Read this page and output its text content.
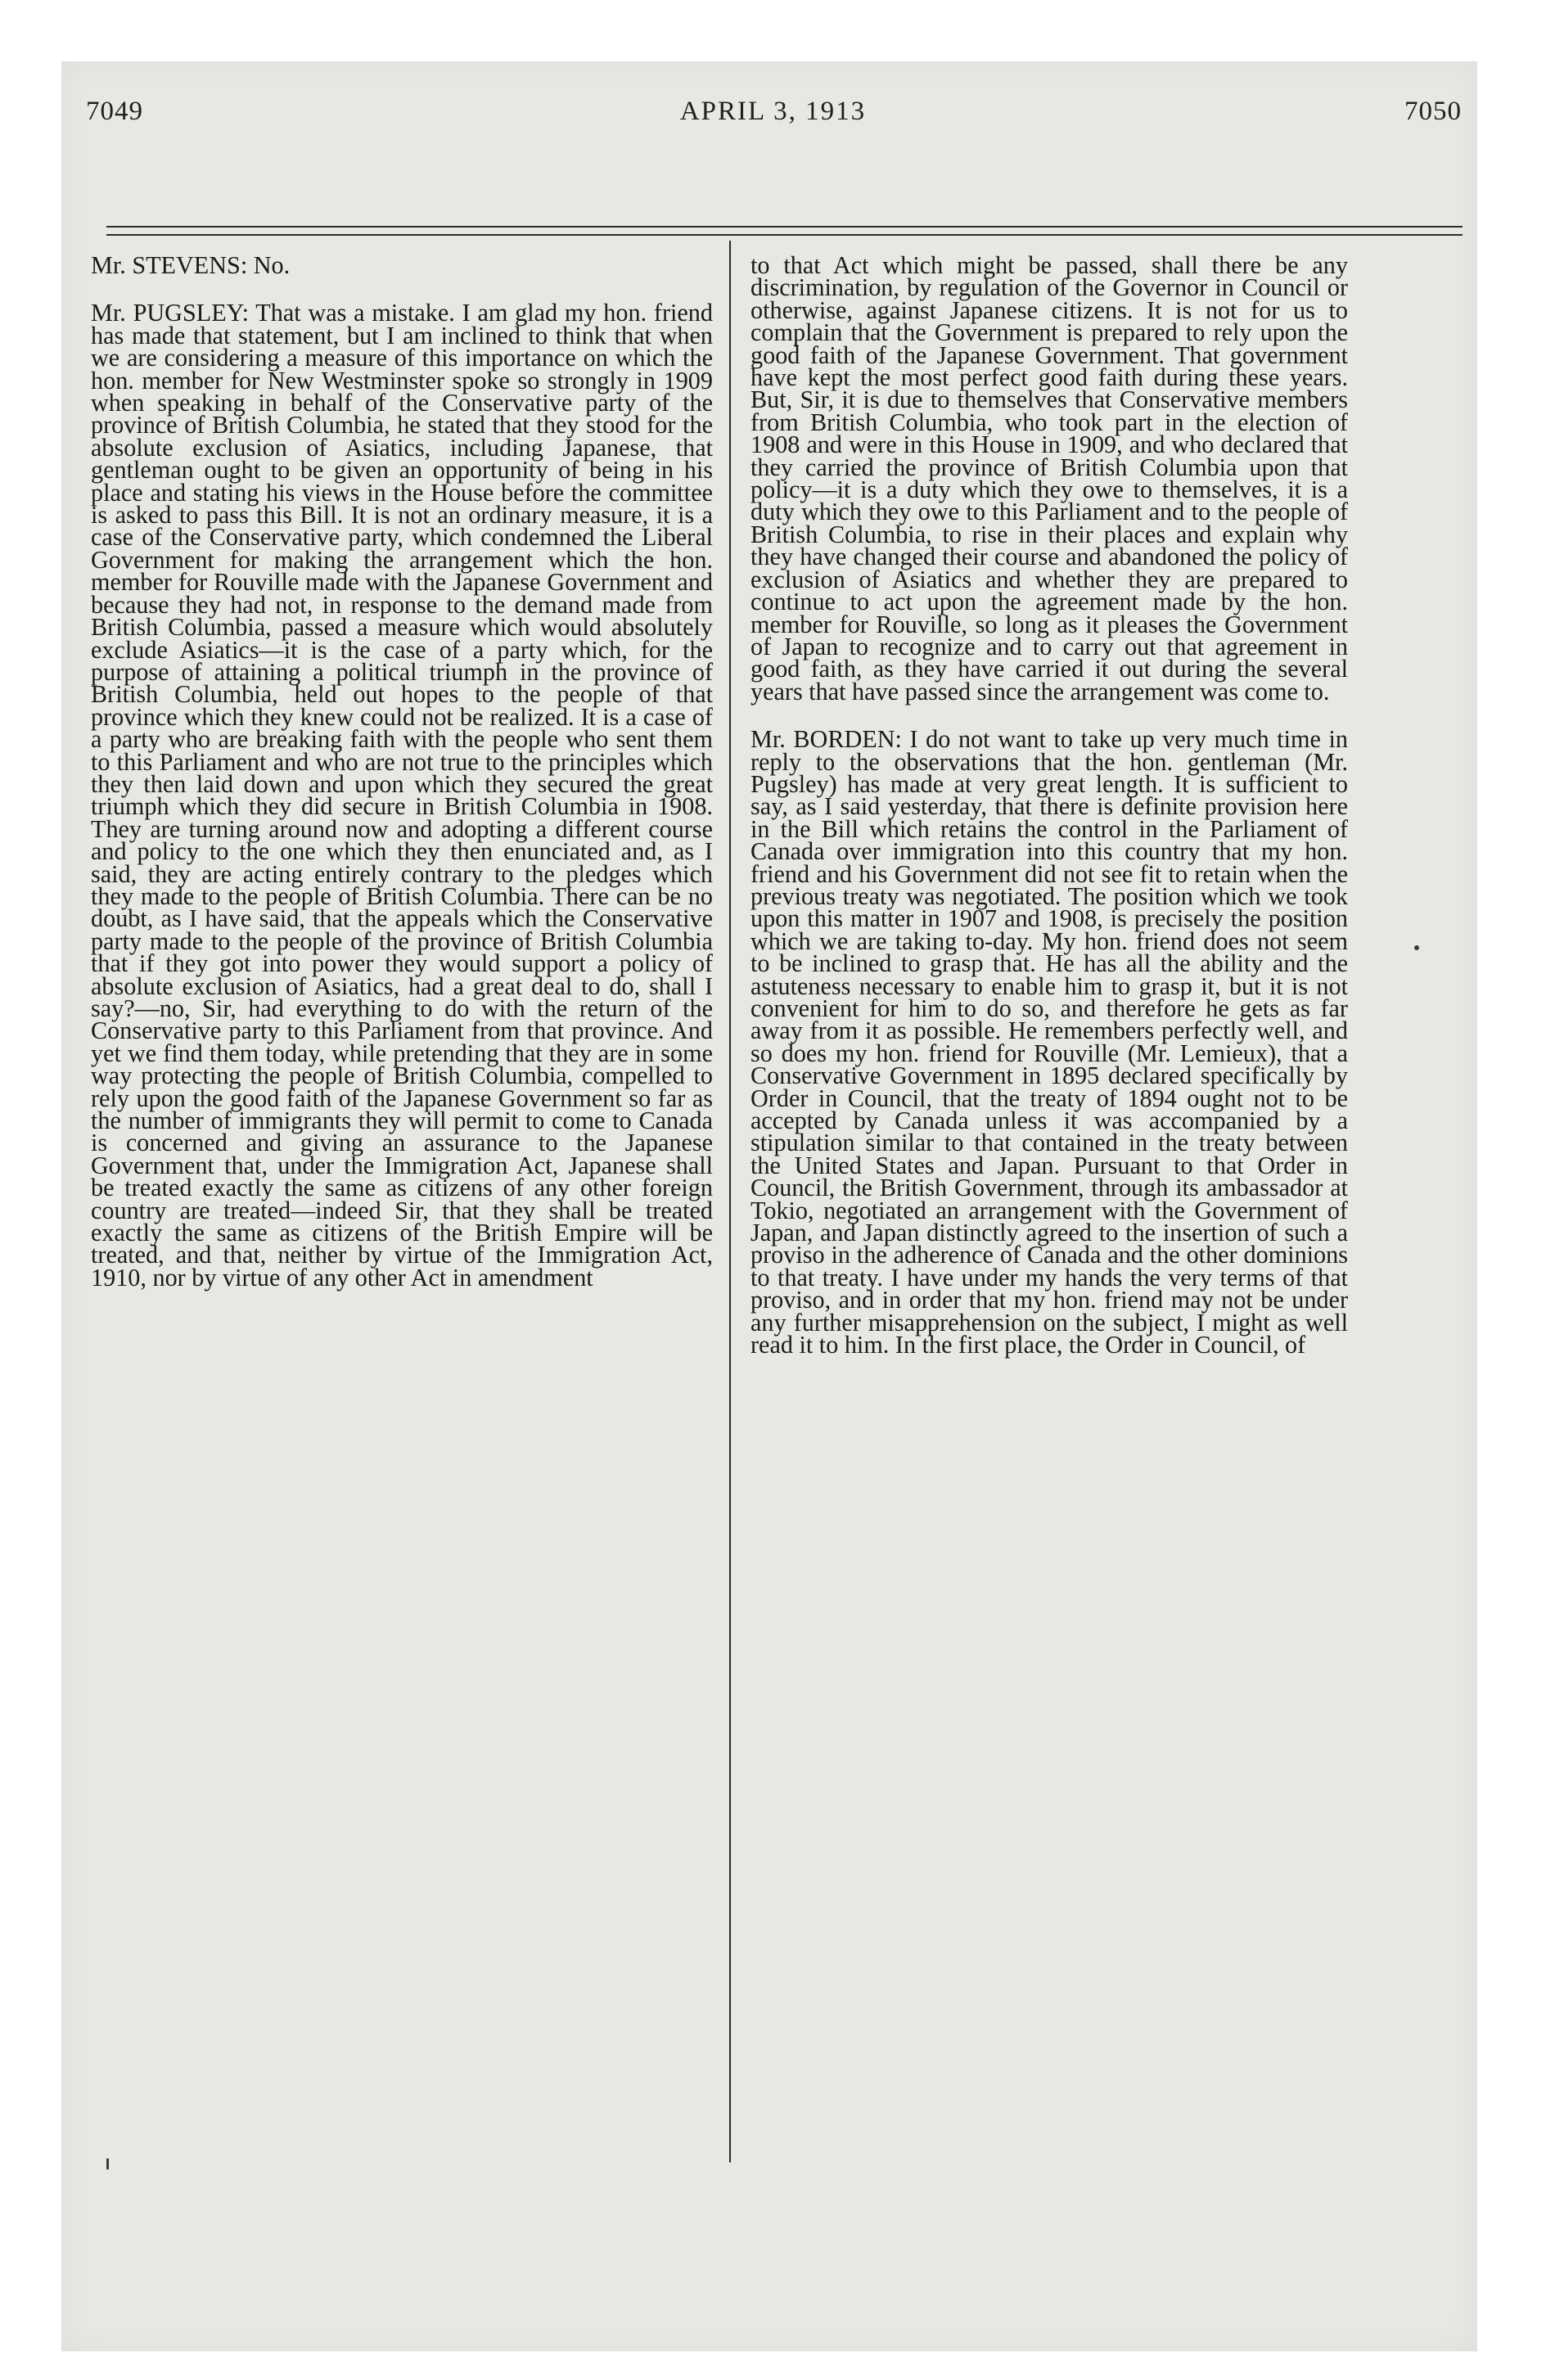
7049	APRIL 3, 1913	7050

Mr. STEVENS: No.

Mr. PUGSLEY: That was a mistake. I am glad my hon. friend has made that statement, but I am inclined to think that when we are considering a measure of this importance on which the hon. member for New Westminster spoke so strongly in 1909 when speaking in behalf of the Conservative party of the province of British Columbia, he stated that they stood for the absolute exclusion of Asiatics, including Japanese, that gentleman ought to be given an opportunity of being in his place and stating his views in the House before the committee is asked to pass this Bill. It is not an ordinary measure, it is a case of the Conservative party, which condemned the Liberal Government for making the arrangement which the hon. member for Rouville made with the Japanese Government and because they had not, in response to the demand made from British Columbia, passed a measure which would absolutely exclude Asiatics—it is the case of a party which, for the purpose of attaining a political triumph in the province of British Columbia, held out hopes to the people of that province which they knew could not be realized. It is a case of a party who are breaking faith with the people who sent them to this Parliament and who are not true to the principles which they then laid down and upon which they secured the great triumph which they did secure in British Columbia in 1908. They are turning around now and adopting a different course and policy to the one which they then enunciated and, as I said, they are acting entirely contrary to the pledges which they made to the people of British Columbia. There can be no doubt, as I have said, that the appeals which the Conservative party made to the people of the province of British Columbia that if they got into power they would support a policy of absolute exclusion of Asiatics, had a great deal to do, shall I say?—no, Sir, had everything to do with the return of the Conservative party to this Parliament from that province. And yet we find them today, while pretending that they are in some way protecting the people of British Columbia, compelled to rely upon the good faith of the Japanese Government so far as the number of immigrants they will permit to come to Canada is concerned and giving an assurance to the Japanese Government that, under the Immigration Act, Japanese shall be treated exactly the same as citizens of any other foreign country are treated—indeed Sir, that they shall be treated exactly the same as citizens of the British Empire will be treated, and that, neither by virtue of the Immigration Act, 1910, nor by virtue of any other Act in amendment

to that Act which might be passed, shall there be any discrimination, by regulation of the Governor in Council or otherwise, against Japanese citizens. It is not for us to complain that the Government is prepared to rely upon the good faith of the Japanese Government. That government have kept the most perfect good faith during these years. But, Sir, it is due to themselves that Conservative members from British Columbia, who took part in the election of 1908 and were in this House in 1909, and who declared that they carried the province of British Columbia upon that policy—it is a duty which they owe to themselves, it is a duty which they owe to this Parliament and to the people of British Columbia, to rise in their places and explain why they have changed their course and abandoned the policy of exclusion of Asiatics and whether they are prepared to continue to act upon the agreement made by the hon. member for Rouville, so long as it pleases the Government of Japan to recognize and to carry out that agreement in good faith, as they have carried it out during the several years that have passed since the arrangement was come to.

Mr. BORDEN: I do not want to take up very much time in reply to the observations that the hon. gentleman (Mr. Pugsley) has made at very great length. It is sufficient to say, as I said yesterday, that there is definite provision here in the Bill which retains the control in the Parliament of Canada over immigration into this country that my hon. friend and his Government did not see fit to retain when the previous treaty was negotiated. The position which we took upon this matter in 1907 and 1908, is precisely the position which we are taking to-day. My hon. friend does not seem to be inclined to grasp that. He has all the ability and the astuteness necessary to enable him to grasp it, but it is not convenient for him to do so, and therefore he gets as far away from it as possible. He remembers perfectly well, and so does my hon. friend for Rouville (Mr. Lemieux), that a Conservative Government in 1895 declared specifically by Order in Council, that the treaty of 1894 ought not to be accepted by Canada unless it was accompanied by a stipulation similar to that contained in the treaty between the United States and Japan. Pursuant to that Order in Council, the British Government, through its ambassador at Tokio, negotiated an arrangement with the Government of Japan, and Japan distinctly agreed to the insertion of such a proviso in the adherence of Canada and the other dominions to that treaty. I have under my hands the very terms of that proviso, and in order that my hon. friend may not be under any further misapprehension on the subject, I might as well read it to him. In the first place, the Order in Council, of
